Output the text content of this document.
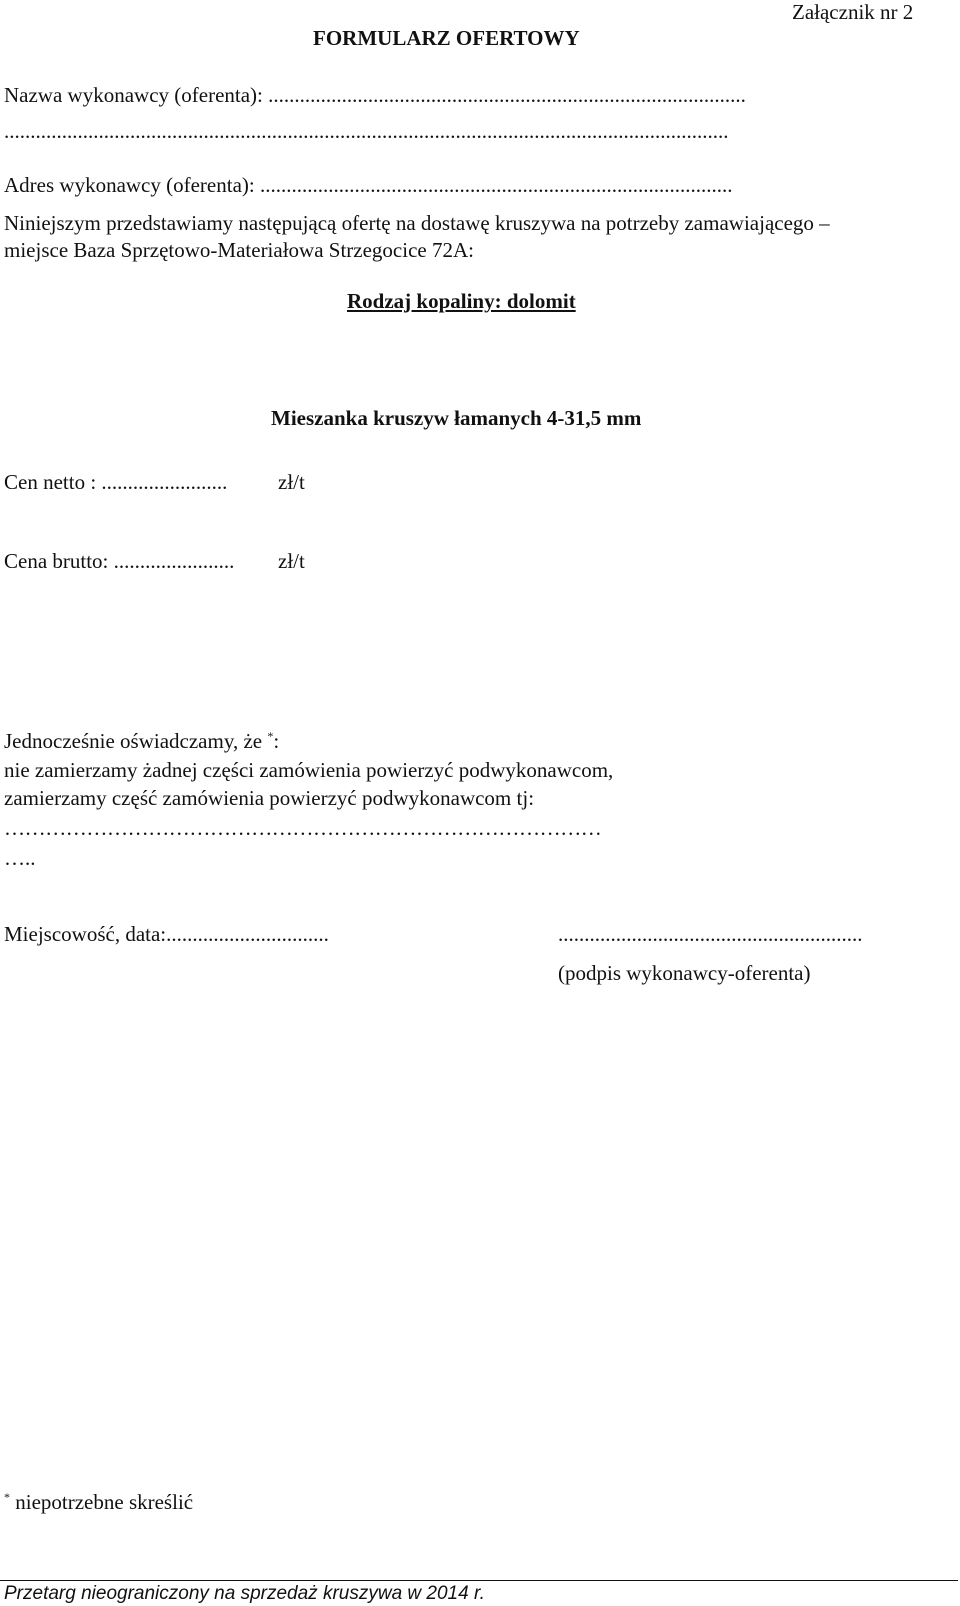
Załącznik nr 2
FORMULARZ OFERTOWY
Nazwa wykonawcy (oferenta): ...........................................................................................
..........................................................................................................................................
Adres wykonawcy (oferenta): ..........................................................................................
Niniejszym przedstawiamy następującą ofertę na dostawę kruszywa na potrzeby zamawiającego –
miejsce Baza Sprzętowo-Materiałowa Strzegocice 72A:
Rodzaj kopaliny: dolomit
Mieszanka kruszyw łamanych 4-31,5 mm
Cen netto : ........................ zł/t
Cena brutto: ....................... zł/t
Jednocześnie oświadczamy, że *:
nie zamierzamy żadnej części zamówienia powierzyć podwykonawcom,
zamierzamy część zamówienia powierzyć podwykonawcom tj:
……………………………………………………………………………
…..
Miejscowość, data:...............................	..........................................................
(podpis wykonawcy-oferenta)
* niepotrzebne skreślić
Przetarg nieograniczony na sprzedaż kruszywa w 2014 r.
